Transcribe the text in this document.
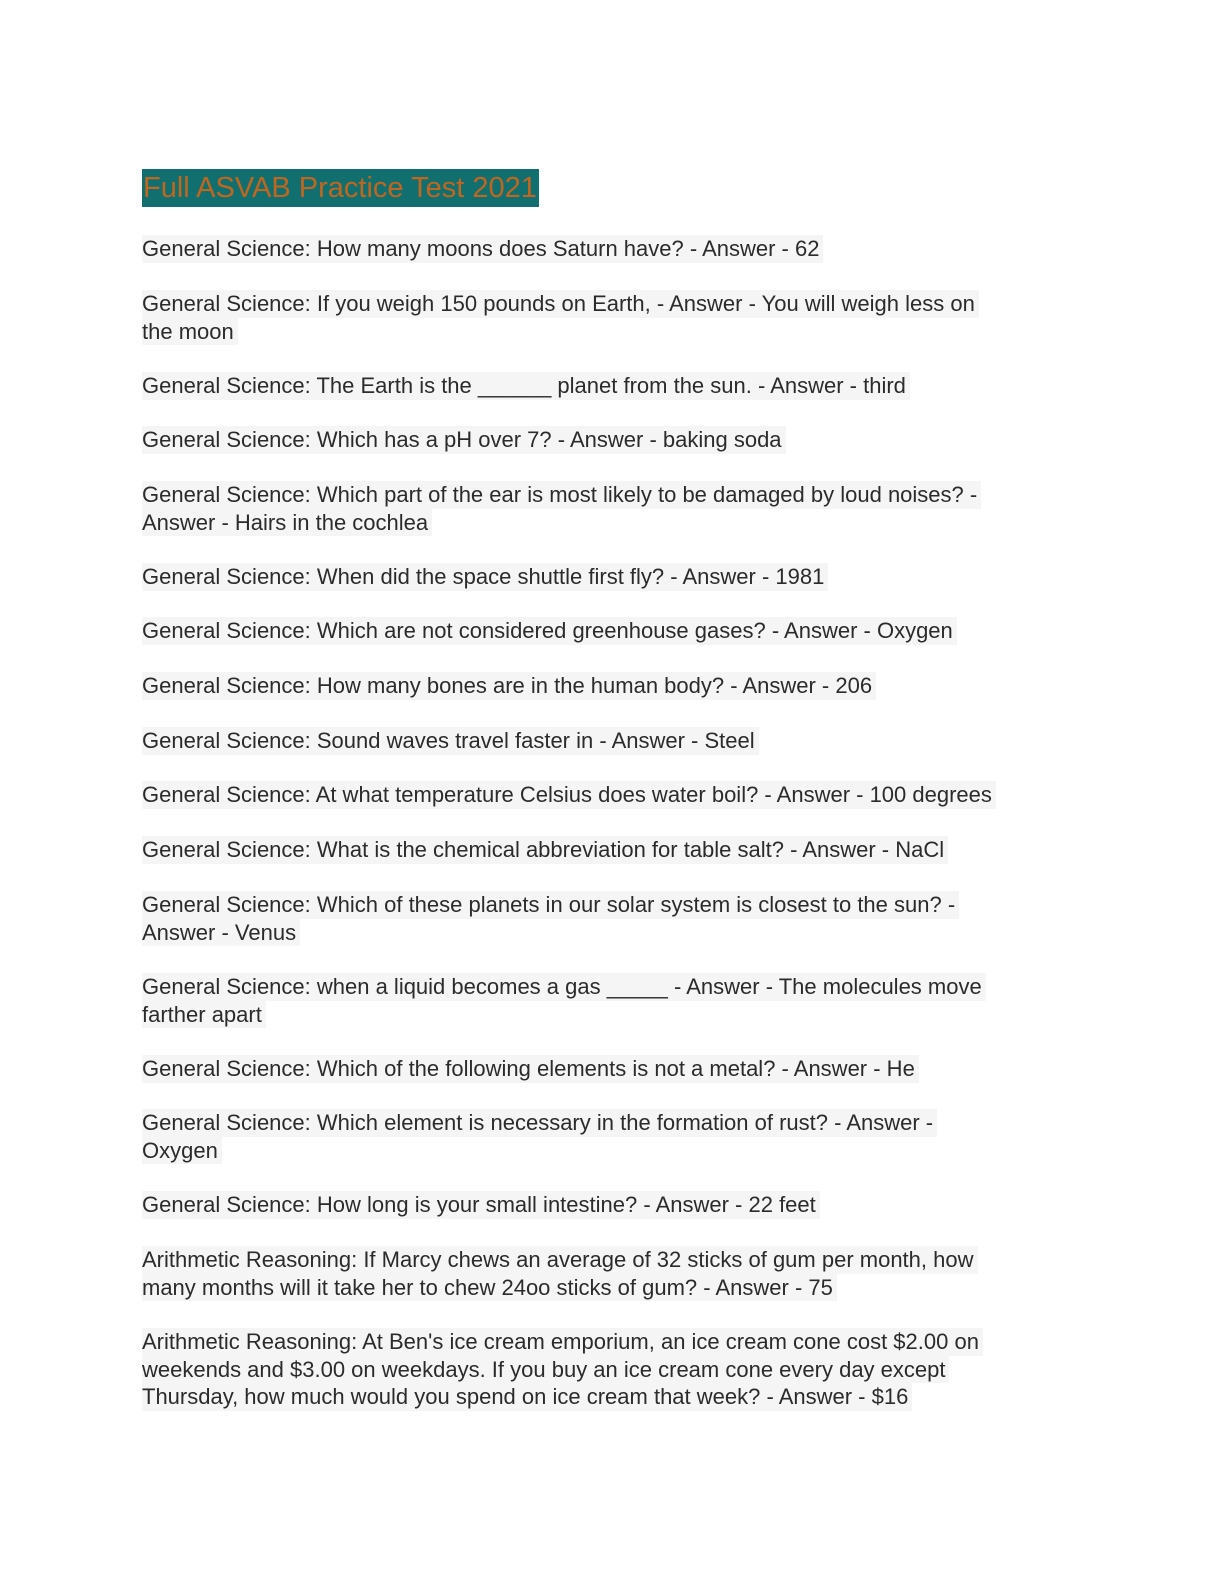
Full ASVAB Practice Test 2021

General Science: How many moons does Saturn have? - Answer - 62

General Science: If you weigh 150 pounds on Earth, - Answer - You will weigh less on
the moon

General Science: The Earth is the ______ planet from the sun. - Answer - third

General Science: Which has a pH over 7? - Answer - baking soda

General Science: Which part of the ear is most likely to be damaged by loud noises? -
Answer - Hairs in the cochlea

General Science: When did the space shuttle first fly? - Answer - 1981

General Science: Which are not considered greenhouse gases? - Answer - Oxygen

General Science: How many bones are in the human body? - Answer - 206

General Science: Sound waves travel faster in - Answer - Steel

General Science: At what temperature Celsius does water boil? - Answer - 100 degrees

General Science: What is the chemical abbreviation for table salt? - Answer - NaCl

General Science: Which of these planets in our solar system is closest to the sun? -
Answer - Venus

General Science: when a liquid becomes a gas _____ - Answer - The molecules move
farther apart

General Science: Which of the following elements is not a metal? - Answer - He

General Science: Which element is necessary in the formation of rust? - Answer -
Oxygen

General Science: How long is your small intestine? - Answer - 22 feet

Arithmetic Reasoning: If Marcy chews an average of 32 sticks of gum per month, how
many months will it take her to chew 24oo sticks of gum? - Answer - 75

Arithmetic Reasoning: At Ben's ice cream emporium, an ice cream cone cost $2.00 on
weekends and $3.00 on weekdays. If you buy an ice cream cone every day except
Thursday, how much would you spend on ice cream that week? - Answer - $16
